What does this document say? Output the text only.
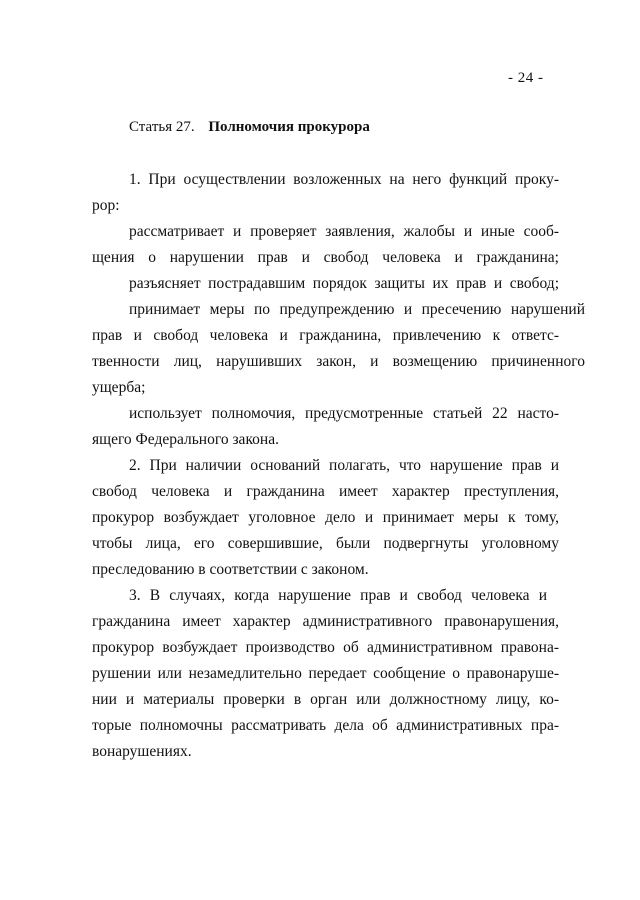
- 24 -
Статья 27. Полномочия прокурора
1. При осуществлении возложенных на него функций проку-
рор:
рассматривает и проверяет заявления, жалобы и иные сооб-
щения о нарушении прав и свобод человека и гражданина;
разъясняет пострадавшим порядок защиты их прав и свобод;
принимает меры по предупреждению и пресечению нарушений
прав и свобод человека и гражданина, привлечению к ответс-
твенности лиц, нарушивших закон, и возмещению причиненного
ущерба;
использует полномочия, предусмотренные статьей 22 насто-
ящего Федерального закона.
2. При наличии оснований полагать, что нарушение прав и
свобод человека и гражданина имеет характер преступления,
прокурор возбуждает уголовное дело и принимает меры к тому,
чтобы лица, его совершившие, были подвергнуты уголовному
преследованию в соответствии с законом.
3. В случаях, когда нарушение прав и свобод человека и
гражданина имеет характер административного правонарушения,
прокурор возбуждает производство об административном правона-
рушении или незамедлительно передает сообщение о правонаруше-
нии и материалы проверки в орган или должностному лицу, ко-
торые полномочны рассматривать дела об административных пра-
вонарушениях.
